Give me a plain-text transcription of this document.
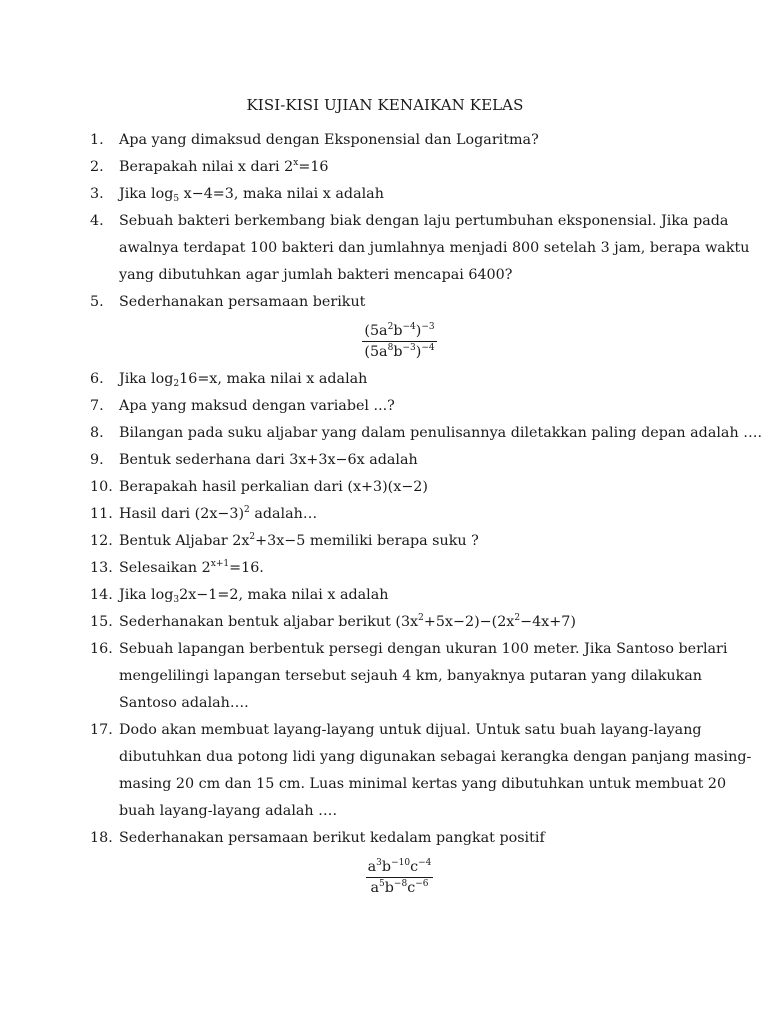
KISI-KISI UJIAN KENAIKAN KELAS
1.	Apa yang dimaksud dengan Eksponensial dan Logaritma?
2.	Berapakah nilai x dari $2^x=16$
3.	Jika $\log_5 x-4=3$, maka nilai x adalah
4.	Sebuah bakteri berkembang biak dengan laju pertumbuhan eksponensial. Jika pada
awalnya terdapat 100 bakteri dan jumlahnya menjadi 800 setelah 3 jam, berapa waktu
yang dibutuhkan agar jumlah bakteri mencapai 6400?
5.	Sederhanakan persamaan berikut
$\frac{(5a^2b^{-4})^{-3}}{(5a^8b^{-3})^{-4}}$
6.	Jika $\log_216=x$, maka nilai x adalah
7.	Apa yang maksud dengan variabel ...?
8.	Bilangan pada suku aljabar yang dalam penulisannya diletakkan paling depan adalah ….
9.	Bentuk sederhana dari 3x+3x−6x adalah
10. Berapakah hasil perkalian dari (x+3)(x−2)
11. Hasil dari $(2x-3)^2$ adalah…
12. Bentuk Aljabar $2x^2+3x-5$ memiliki berapa suku ?
13. Selesaikan $2^{x+1}=16$.
14. Jika $\log_32x-1=2$, maka nilai x adalah
15. Sederhanakan bentuk aljabar berikut $(3x^2+5x-2)-(2x^2-4x+7)$
16. Sebuah lapangan berbentuk persegi dengan ukuran 100 meter. Jika Santoso berlari
mengelilingi lapangan tersebut sejauh 4 km, banyaknya putaran yang dilakukan
Santoso adalah….
17. Dodo akan membuat layang-layang untuk dijual. Untuk satu buah layang-layang
dibutuhkan dua potong lidi yang digunakan sebagai kerangka dengan panjang masing-
masing 20 cm dan 15 cm. Luas minimal kertas yang dibutuhkan untuk membuat 20
buah layang-layang adalah ….
18. Sederhanakan persamaan berikut kedalam pangkat positif
$\frac{a^3b^{-10}c^{-4}}{a^5b^{-8}c^{-6}}$
